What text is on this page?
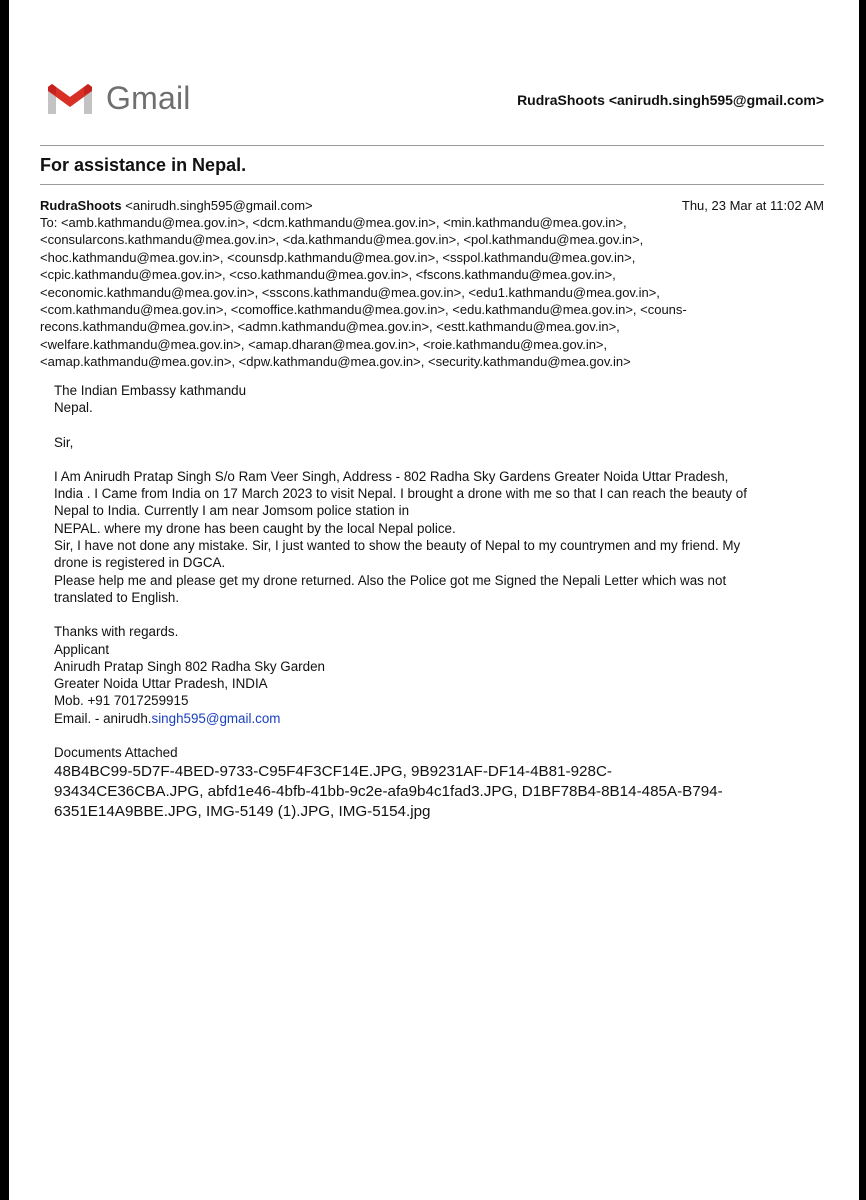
Gmail	RudraShoots <anirudh.singh595@gmail.com>
For assistance in Nepal.
RudraShoots <anirudh.singh595@gmail.com>	Thu, 23 Mar at 11:02 AM
To: <amb.kathmandu@mea.gov.in>, <dcm.kathmandu@mea.gov.in>, <min.kathmandu@mea.gov.in>,
<consularcons.kathmandu@mea.gov.in>, <da.kathmandu@mea.gov.in>, <pol.kathmandu@mea.gov.in>,
<hoc.kathmandu@mea.gov.in>, <counsdp.kathmandu@mea.gov.in>, <sspol.kathmandu@mea.gov.in>,
<cpic.kathmandu@mea.gov.in>, <cso.kathmandu@mea.gov.in>, <fscons.kathmandu@mea.gov.in>,
<economic.kathmandu@mea.gov.in>, <sscons.kathmandu@mea.gov.in>, <edu1.kathmandu@mea.gov.in>,
<com.kathmandu@mea.gov.in>, <comoffice.kathmandu@mea.gov.in>, <edu.kathmandu@mea.gov.in>, <couns-
recons.kathmandu@mea.gov.in>, <admn.kathmandu@mea.gov.in>, <estt.kathmandu@mea.gov.in>,
<welfare.kathmandu@mea.gov.in>, <amap.dharan@mea.gov.in>, <roie.kathmandu@mea.gov.in>,
<amap.kathmandu@mea.gov.in>, <dpw.kathmandu@mea.gov.in>, <security.kathmandu@mea.gov.in>
The Indian Embassy kathmandu
Nepal.
Sir,
I Am Anirudh Pratap Singh S/o Ram Veer Singh, Address - 802 Radha Sky Gardens Greater Noida Uttar Pradesh,
India . I Came from India on 17 March 2023 to visit Nepal. I brought a drone with me so that I can reach the beauty of
Nepal to India. Currently I am near Jomsom police station in
NEPAL. where my drone has been caught by the local Nepal police.
Sir, I have not done any mistake. Sir, I just wanted to show the beauty of Nepal to my countrymen and my friend. My
drone is registered in DGCA.
Please help me and please get my drone returned. Also the Police got me Signed the Nepali Letter which was not
translated to English.
Thanks with regards.
Applicant
Anirudh Pratap Singh 802 Radha Sky Garden
Greater Noida Uttar Pradesh, INDIA
Mob. +91 7017259915
Email. - anirudh.singh595@gmail.com
Documents Attached
48B4BC99-5D7F-4BED-9733-C95F4F3CF14E.JPG, 9B9231AF-DF14-4B81-928C-
93434CE36CBA.JPG, abfd1e46-4bfb-41bb-9c2e-afa9b4c1fad3.JPG, D1BF78B4-8B14-485A-B794-
6351E14A9BBE.JPG, IMG-5149 (1).JPG, IMG-5154.jpg
